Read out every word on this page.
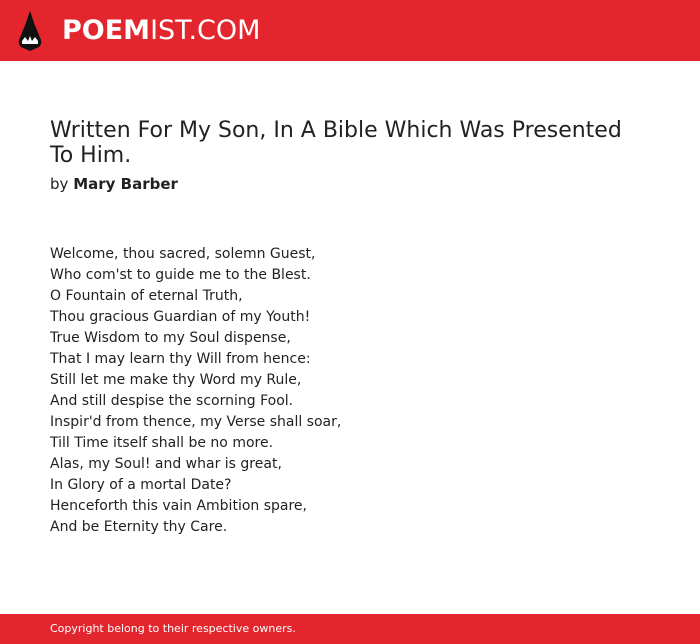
POEMIST.COM
Written For My Son, In A Bible Which Was Presented To Him.
by Mary Barber
Welcome, thou sacred, solemn Guest,
Who com'st to guide me to the Blest.
O Fountain of eternal Truth,
Thou gracious Guardian of my Youth!
True Wisdom to my Soul dispense,
That I may learn thy Will from hence:
Still let me make thy Word my Rule,
And still despise the scorning Fool.
Inspir'd from thence, my Verse shall soar,
Till Time itself shall be no more.
Alas, my Soul! and whar is great,
In Glory of a mortal Date?
Henceforth this vain Ambition spare,
And be Eternity thy Care.
Copyright belong to their respective owners.
